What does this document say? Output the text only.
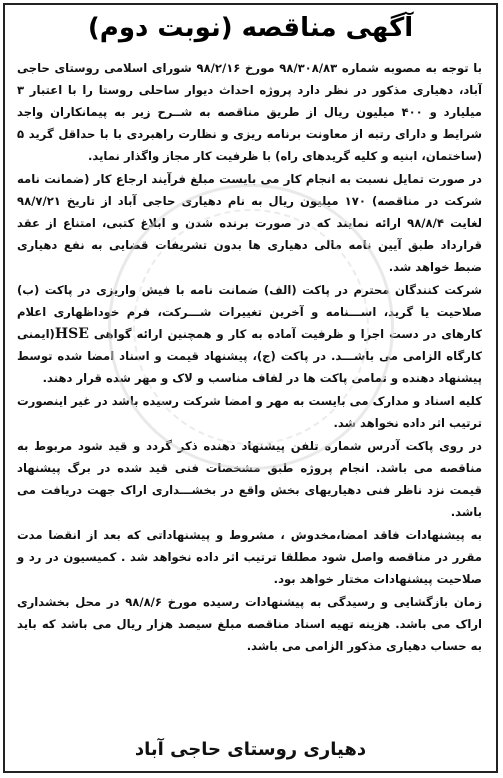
آگهی مناقصه (نوبت دوم)

با توجه به مصوبه شماره ۹۸/۳۰۸/۸۳ مورخ ۹۸/۲/۱۶ شورای اسلامی روستای حاجی آباد، دهیاری مذکور در نظر دارد پروژه احداث دیوار ساحلی روستا را با اعتبار ۳ میلیارد و ۴۰۰ میلیون ریال از طریق مناقصه به شــرح زیر به پیمانکاران واجد شرایط و دارای رتبه از معاونت برنامه ریزی و نظارت راهبردی با با حداقل گرید ۵ (ساختمان، ابنیه و کلیه گریدهای راه) با ظرفیت کار مجاز واگذار نماید.

در صورت تمایل نسبت به انجام کار می بایست مبلغ فرآیند ارجاع کار (ضمانت نامه شرکت در مناقصه) ۱۷۰ میلیون ریال به نام دهیاری حاجی آباد از تاریخ ۹۸/۷/۲۱ لغایت ۹۸/۸/۴ ارائه نمایند که در صورت برنده شدن و ابلاغ کتبی، امتناع از عقد قرارداد طبق آیین نامه مالی دهیاری ها بدون تشریفات قضایی به نفع دهیاری ضبط خواهد شد.

شرکت کنندگان محترم در پاکت (الف) ضمانت نامه با فیش واریزی در پاکت (ب) صلاحیت یا گرید، اســـنامه و آخرین تغییرات شـــرکت، فرم خوداظهاری اعلام کارهای در دست اجرا و ظرفیت آماده به کار و همچنین ارائه گواهی HSE(ایمنی کارگاه الزامی می باشـــد. در پاکت (ج)، پیشنهاد قیمت و اسناد امضا شده توسط پیشنهاد دهنده و تمامی پاکت ها در لفاف مناسب و لاک و مهر شده قرار دهند.

کلیه اسناد و مدارک می بایست به مهر و امضا شرکت رسیده باشد در غیر اینصورت ترتیب اثر داده نخواهد شد.

در روی پاکت آدرس شماره تلفن پیشنهاد دهنده ذکر گردد و قید شود مربوط به مناقصه می باشد. انجام پروژه طبق مشخصات فنی قید شده در برگ پیشنهاد قیمت نزد ناظر فنی دهیاریهای بخش واقع در بخشـــداری اراک جهت دریافت می باشد.

به پیشنهادات فاقد امضا،مخدوش ، مشروط و پیشنهاداتی که بعد از انقضا مدت مقرر در مناقصه واصل شود مطلقا ترتیب اثر داده نخواهد شد . کمیسیون در رد و صلاحیت پیشنهادات مختار خواهد بود.

زمان بازگشایی و رسیدگی به پیشنهادات رسیده مورخ ۹۸/۸/۶ در محل بخشداری اراک می باشد. هزینه تهیه اسناد مناقصه مبلغ سیصد هزار ریال می باشد که باید به حساب دهیاری مذکور الزامی می باشد.

دهیاری روستای حاجی آباد
